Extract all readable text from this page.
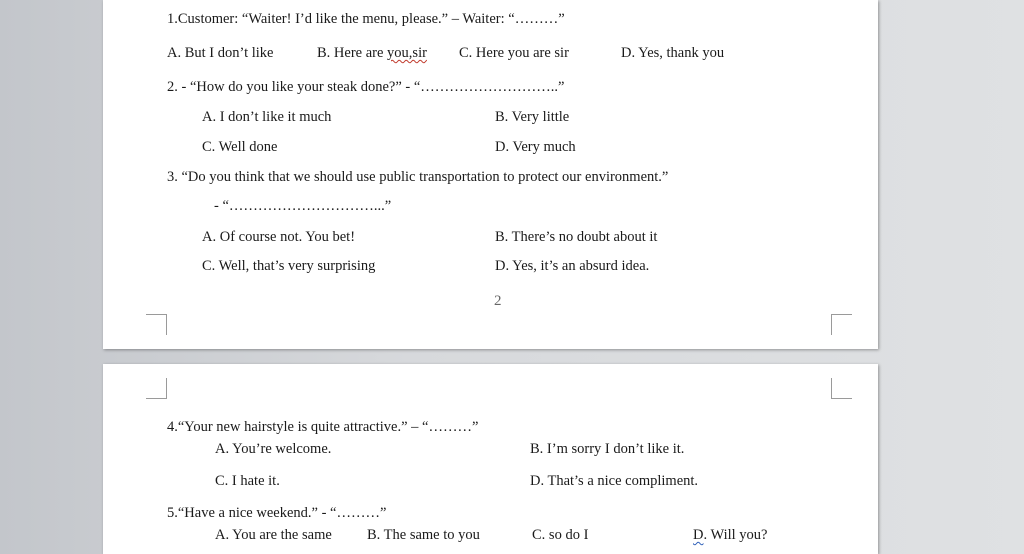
1.Customer: “Waiter! I’d like the menu, please.” – Waiter: “………”
A. But I don’t like	B. Here are you,sir C. Here you are sir	D. Yes, thank you
2. - “How do you like your steak done?” - “………………………..”
A. I don’t like it much	B. Very little
C. Well done	D. Very much
3. “Do you think that we should use public transportation to protect our environment.”
- “…………………………...”
A. Of course not. You bet!	B. There’s no doubt about it
C. Well, that’s very surprising	D. Yes, it’s an absurd idea.
2
4.“Your new hairstyle is quite attractive.” – “………”
A. You’re welcome.	B. I’m sorry I don’t like it.
C. I hate it.	D. That’s a nice compliment.
5.“Have a nice weekend.” - “………”
A. You are the same B. The same to you	C. so do I	D. Will you?
